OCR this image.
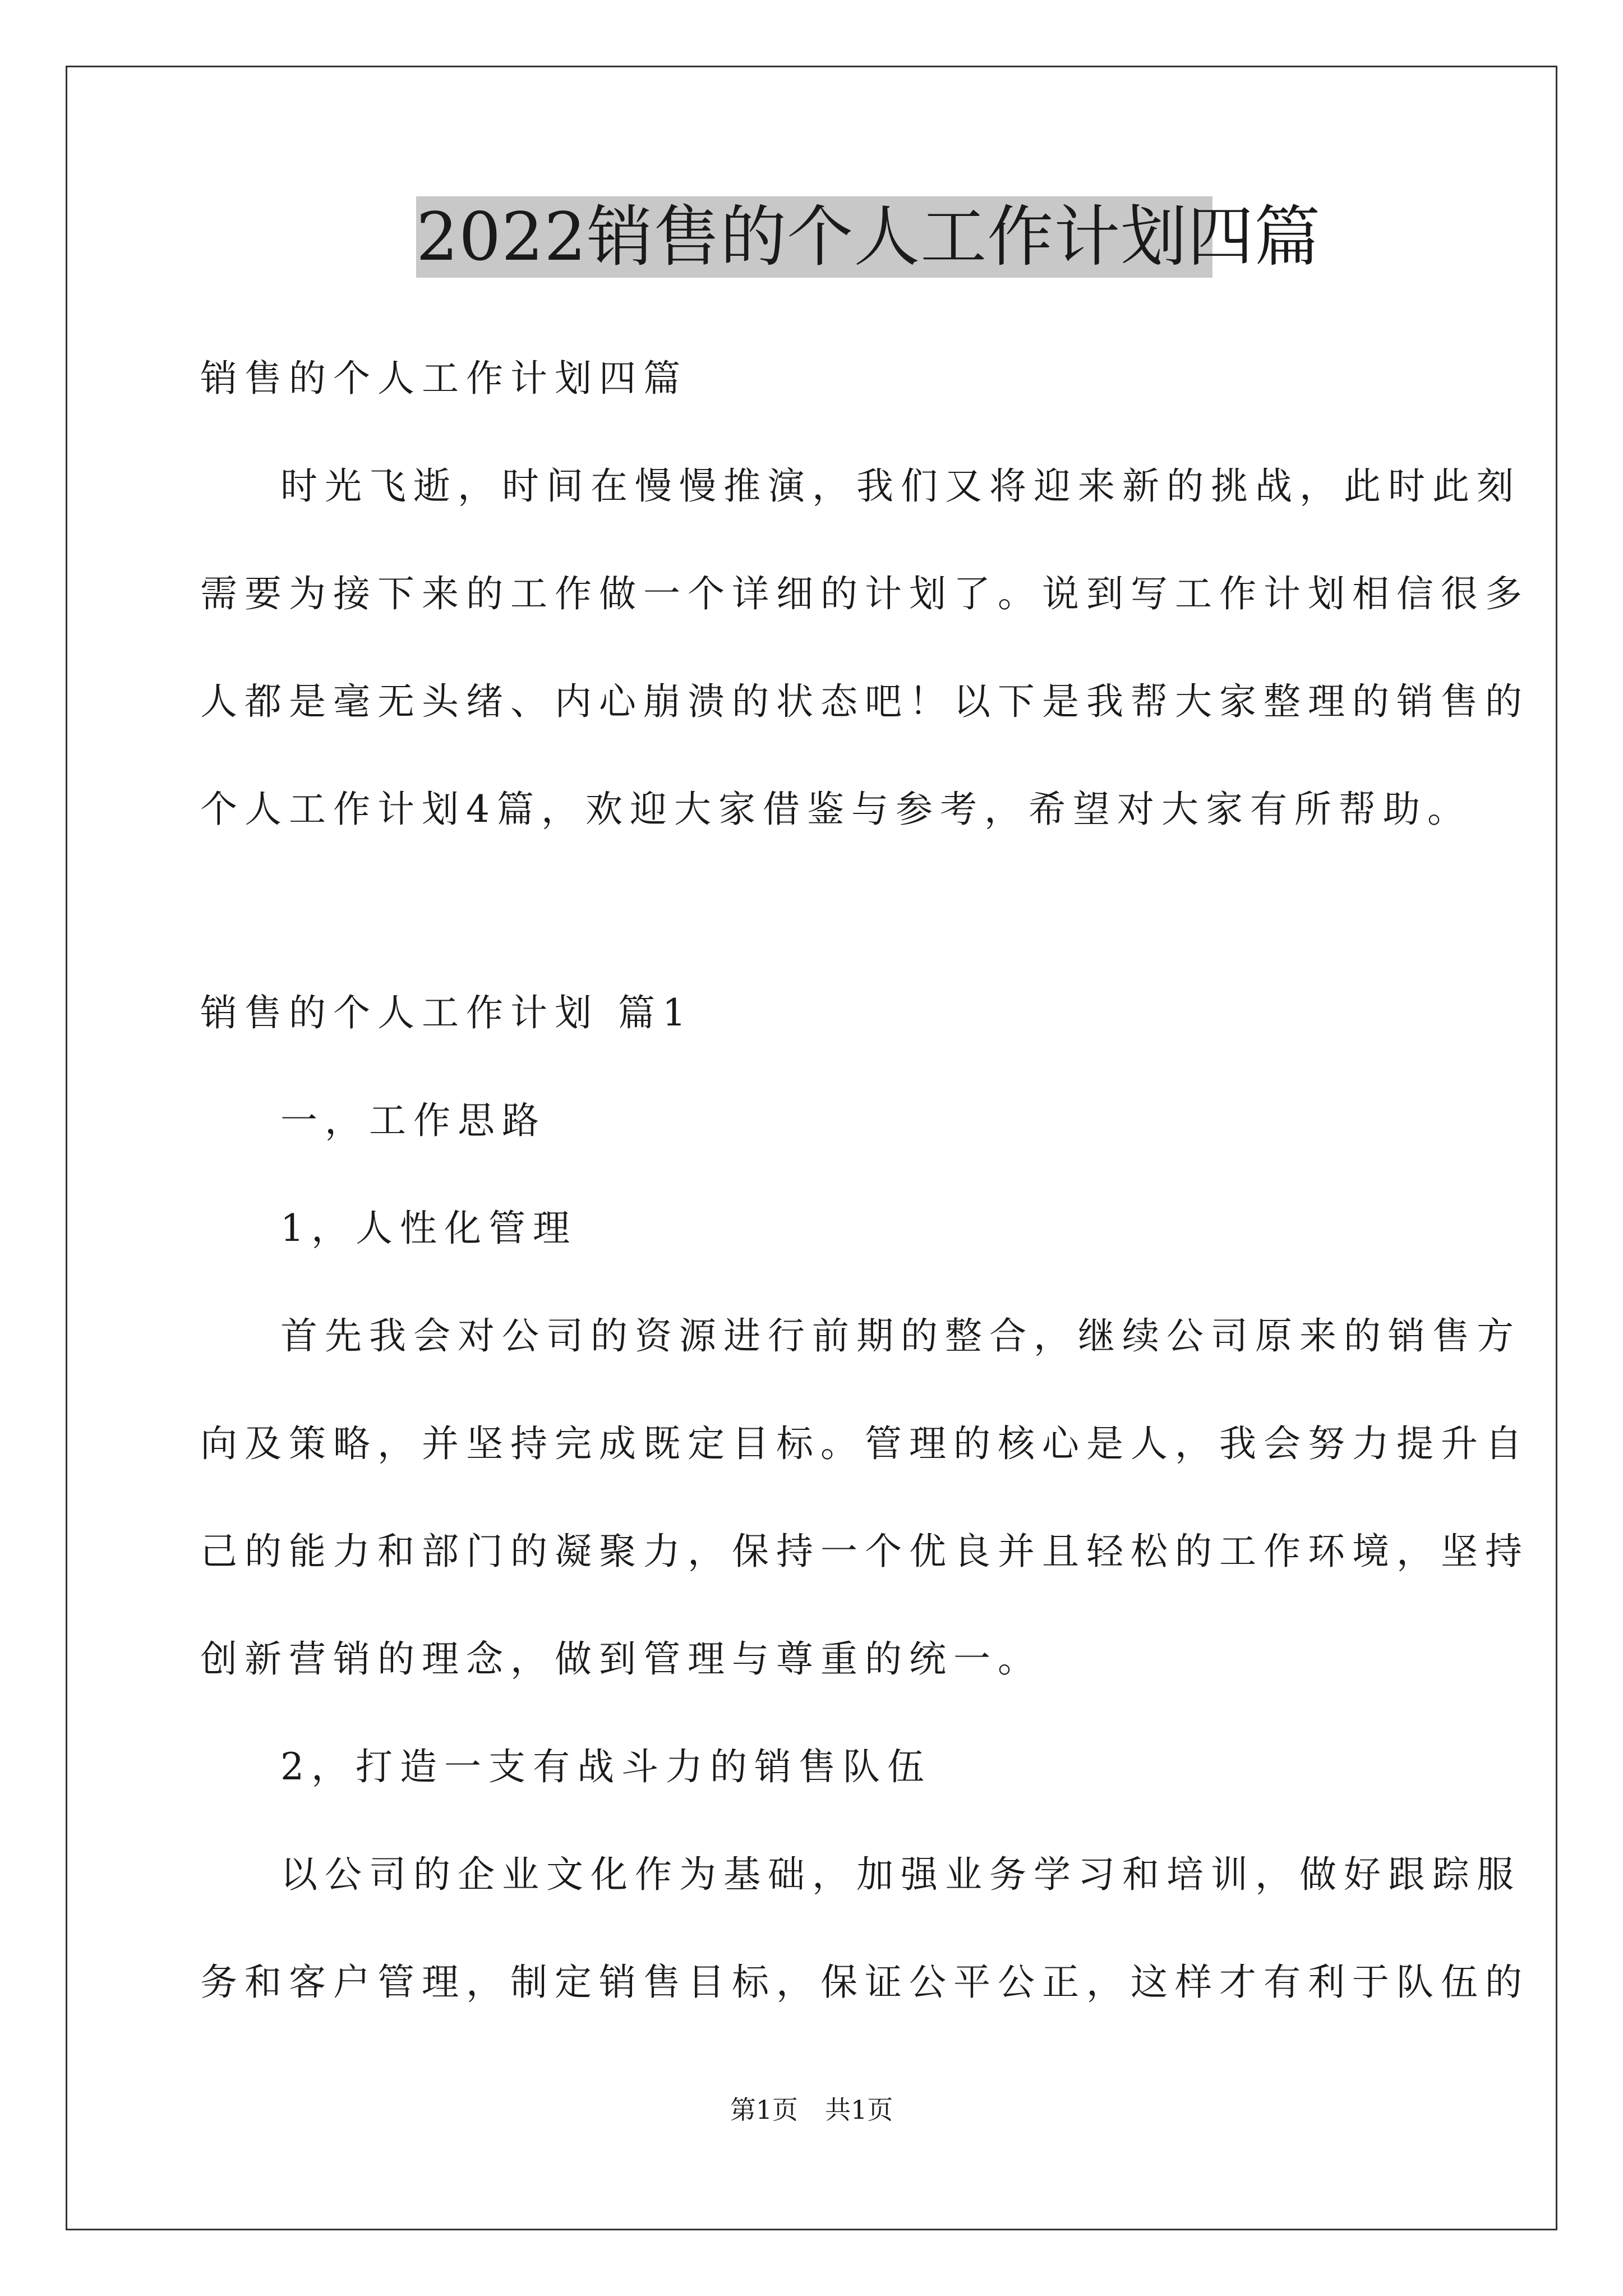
2022销售的个人工作计划四篇
销售的个人工作计划四篇
时光飞逝，时间在慢慢推演，我们又将迎来新的挑战，此时此刻
需要为接下来的工作做一个详细的计划了。说到写工作计划相信很多
人都是毫无头绪、内心崩溃的状态吧！以下是我帮大家整理的销售的
个人工作计划4篇，欢迎大家借鉴与参考，希望对大家有所帮助。
销售的个人工作计划 篇1
一，工作思路
1，人性化管理
首先我会对公司的资源进行前期的整合，继续公司原来的销售方
向及策略，并坚持完成既定目标。管理的核心是人，我会努力提升自
己的能力和部门的凝聚力，保持一个优良并且轻松的工作环境，坚持
创新营销的理念，做到管理与尊重的统一。
2，打造一支有战斗力的销售队伍
以公司的企业文化作为基础，加强业务学习和培训，做好跟踪服
务和客户管理，制定销售目标，保证公平公正，这样才有利于队伍的
第1页 共1页
